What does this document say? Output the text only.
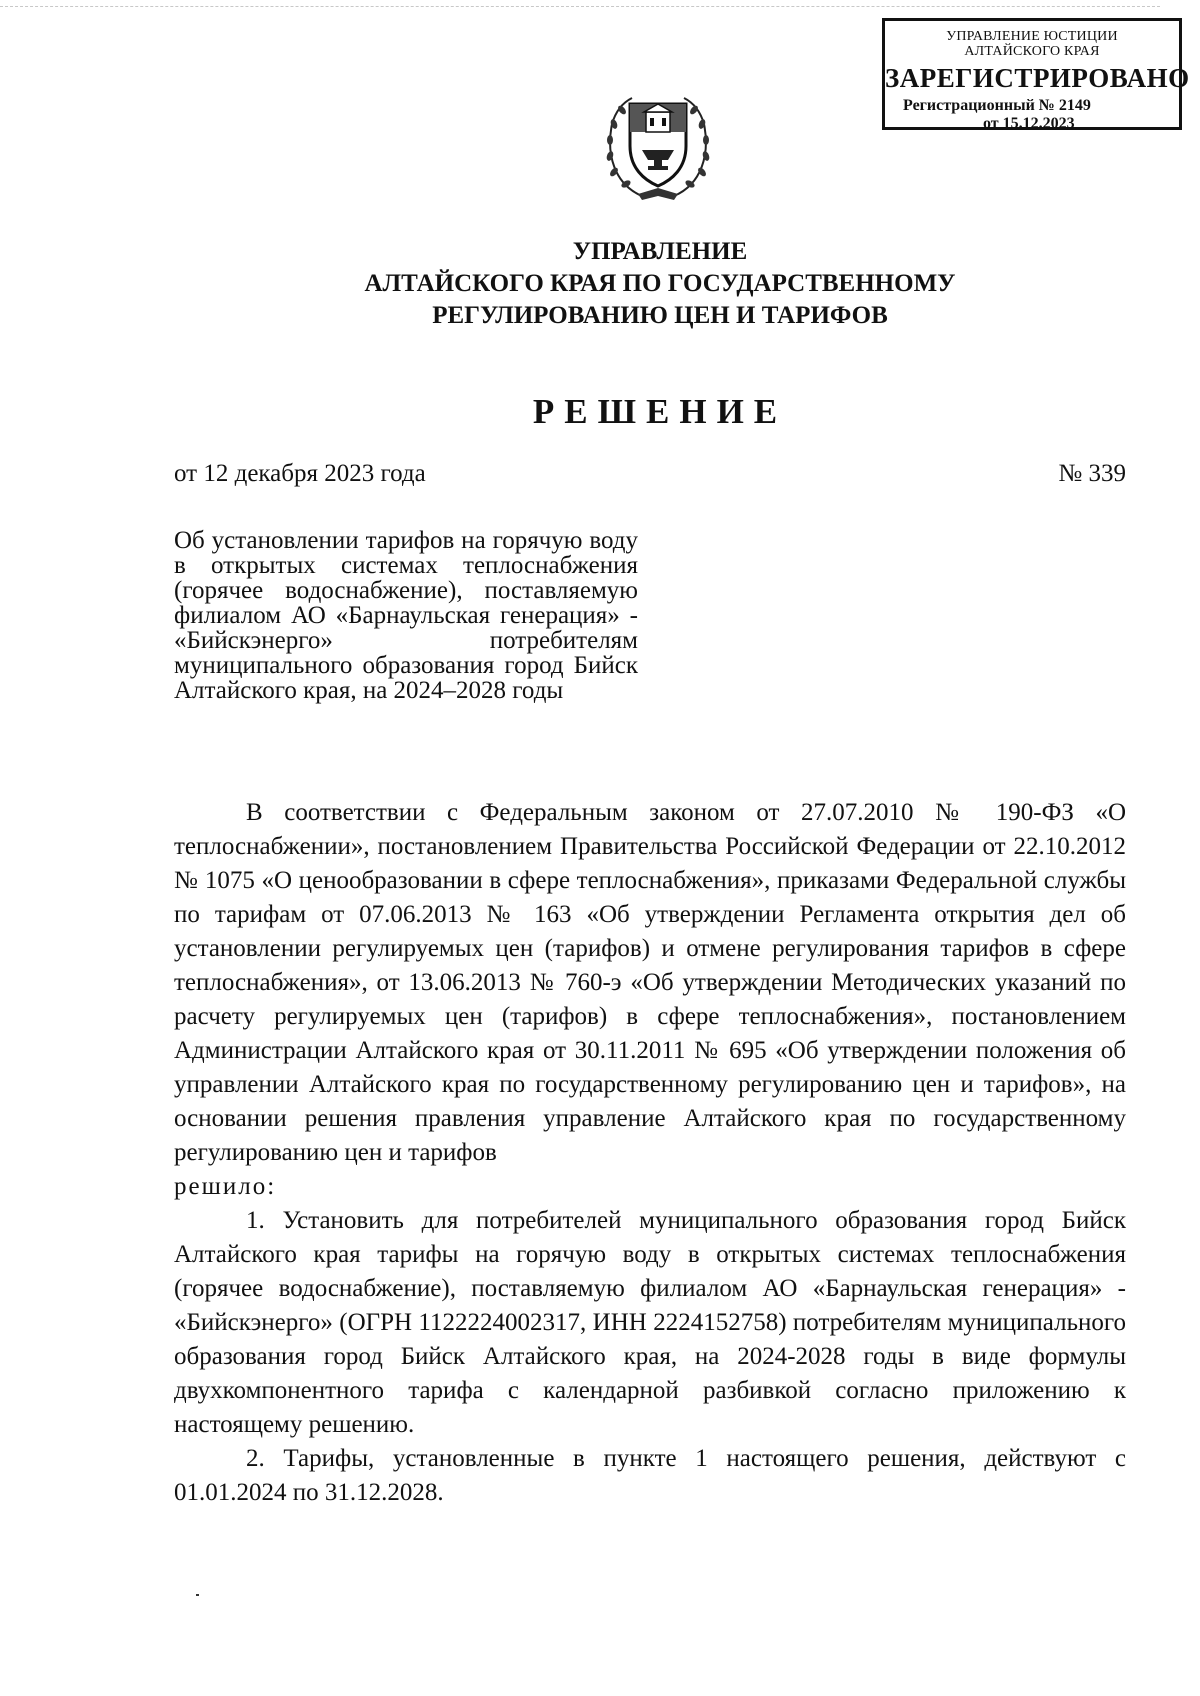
УПРАВЛЕНИЕ ЮСТИЦИИ
АЛТАЙСКОГО КРАЯ
ЗАРЕГИСТРИРОВАНО
Регистрационный № 2149
от 15.12.2023
УПРАВЛЕНИЕ
АЛТАЙСКОГО КРАЯ ПО ГОСУДАРСТВЕННОМУ
РЕГУЛИРОВАНИЮ ЦЕН И ТАРИФОВ
РЕШЕНИЕ
от 12 декабря 2023 года	№ 339
Об установлении тарифов на горячую воду в открытых системах теплоснабжения (горячее водоснабжение), поставляемую филиалом АО «Барнаульская генерация» - «Бийскэнерго» потребителям муниципального образования город Бийск Алтайского края, на 2024–2028 годы

В соответствии с Федеральным законом от 27.07.2010 № 190-ФЗ «О теплоснабжении», постановлением Правительства Российской Федерации от 22.10.2012 № 1075 «О ценообразовании в сфере теплоснабжения», приказами Федеральной службы по тарифам от 07.06.2013 № 163 «Об утверждении Регламента открытия дел об установлении регулируемых цен (тарифов) и отмене регулирования тарифов в сфере теплоснабжения», от 13.06.2013 № 760-э «Об утверждении Методических указаний по расчету регулируемых цен (тарифов) в сфере теплоснабжения», постановлением Администрации Алтайского края от 30.11.2011 № 695 «Об утверждении положения об управлении Алтайского края по государственному регулированию цен и тарифов», на основании решения правления управление Алтайского края по государственному регулированию цен и тарифов

решило:

1. Установить для потребителей муниципального образования город Бийск Алтайского края тарифы на горячую воду в открытых системах теплоснабжения (горячее водоснабжение), поставляемую филиалом АО «Барнаульская генерация» - «Бийскэнерго» (ОГРН 1122224002317, ИНН 2224152758) потребителям муниципального образования город Бийск Алтайского края, на 2024-2028 годы в виде формулы двухкомпонентного тарифа с календарной разбивкой согласно приложению к настоящему решению.

2. Тарифы, установленные в пункте 1 настоящего решения, действуют с 01.01.2024 по 31.12.2028.
